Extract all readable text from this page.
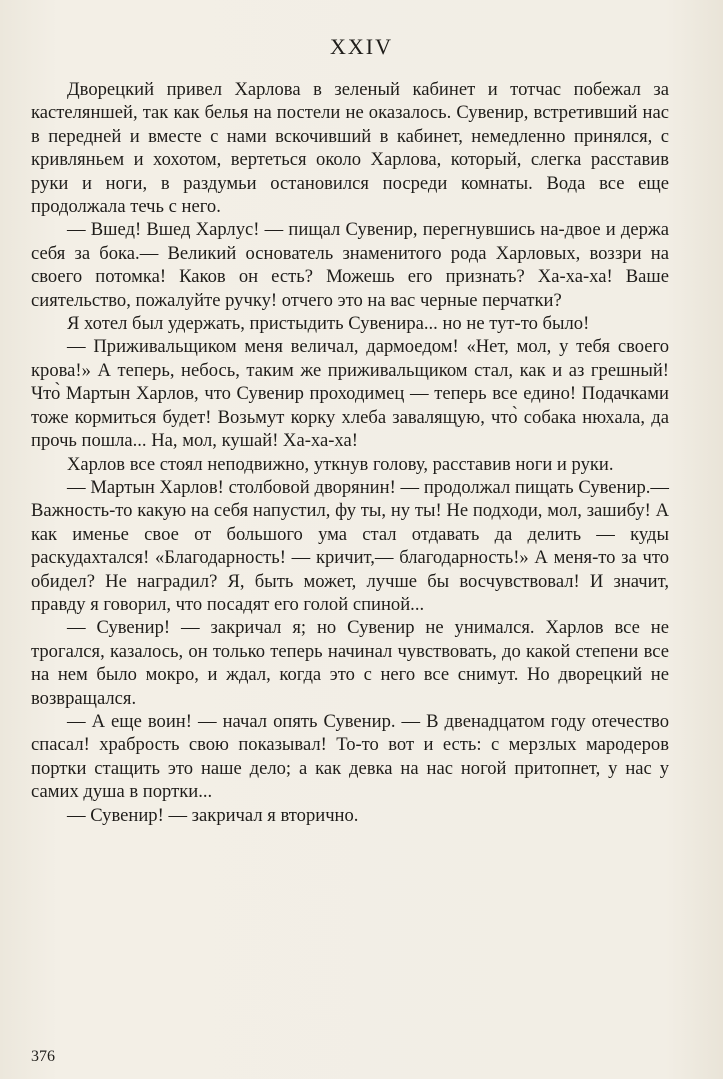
XXIV

Дворецкий привел Харлова в зеленый кабинет и тотчас побежал за кастеляншей, так как белья на постели не оказалось. Сувенир, встретивший нас в передней и вместе с нами вскочивший в кабинет, немедленно принялся, с кривляньем и хохотом, вертеться около Харлова, который, слегка расставив руки и ноги, в раздумьи остановился посреди комнаты. Вода все еще продолжала течь с него.

— Вшед! Вшед Харлус! — пищал Сувенир, перегнувшись на-двое и держа себя за бока.— Великий основатель знаменитого рода Харловых, воззри на своего потомка! Каков он есть? Можешь его признать? Ха-ха-ха! Ваше сиятельство, пожалуйте ручку! отчего это на вас черные перчатки?

Я хотел был удержать, пристыдить Сувенира... но не тут-то было!

— Приживальщиком меня величал, дармоедом! «Нет, мол, у тебя своего крова!» А теперь, небось, таким же приживальщиком стал, как и аз грешный! Что̀ Мартын Харлов, что Сувенир проходимец — теперь все едино! Подачками тоже кормиться будет! Возьмут корку хлеба завалящую, что̀ собака нюхала, да прочь пошла... На, мол, кушай! Ха-ха-ха!

Харлов все стоял неподвижно, уткнув голову, расставив ноги и руки.

— Мартын Харлов! столбовой дворянин! — продолжал пищать Сувенир.— Важность-то какую на себя напустил, фу ты, ну ты! Не подходи, мол, зашибу! А как именье свое от большого ума стал отдавать да делить — куды раскудахтался! «Благодарность! — кричит,— благодарность!» А меня-то за что обидел? Не наградил? Я, быть может, лучше бы восчувствовал! И значит, правду я говорил, что посадят его голой спиной...

— Сувенир! — закричал я; но Сувенир не унимался. Харлов все не трогался, казалось, он только теперь начинал чувствовать, до какой степени все на нем было мокро, и ждал, когда это с него все снимут. Но дворецкий не возвращался.

— А еще воин! — начал опять Сувенир. — В двенадцатом году отечество спасал! храбрость свою показывал! То-то вот и есть: с мерзлых мародеров портки стащить это наше дело; а как девка на нас ногой притопнет, у нас у самих душа в портки...

— Сувенир! — закричал я вторично.

376
